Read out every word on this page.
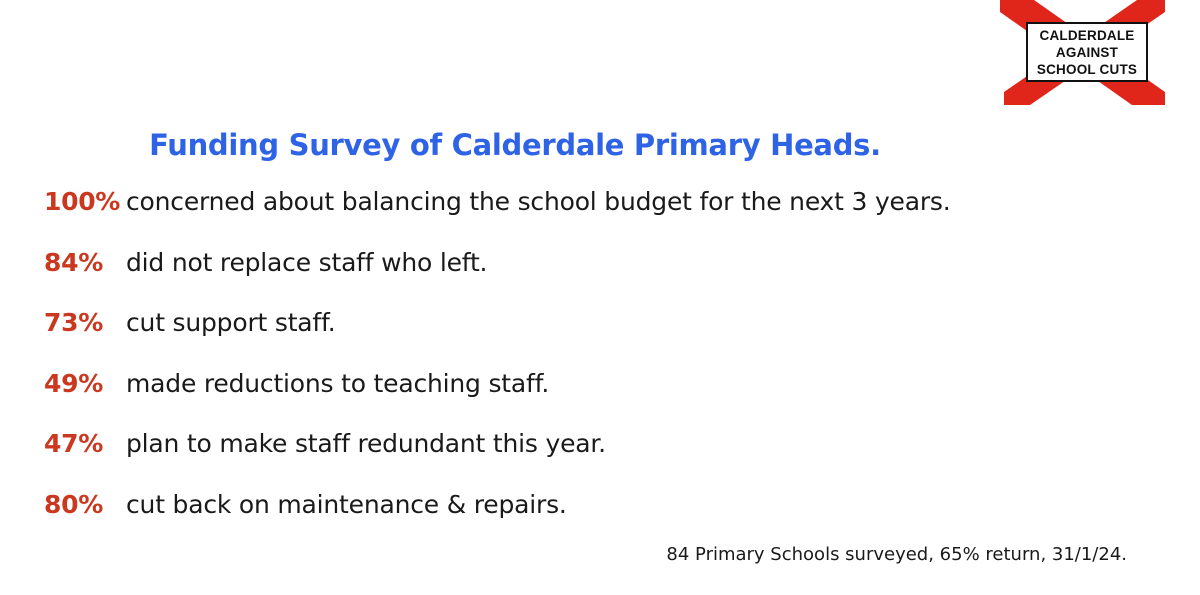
CALDERDALE
AGAINST
SCHOOL CUTS
Funding Survey of Calderdale Primary Heads.
100% concerned about balancing the school budget for the next 3 years.
84% did not replace staff who left.
73% cut support staff.
49% made reductions to teaching staff.
47% plan to make staff redundant this year.
80% cut back on maintenance & repairs.
84 Primary Schools surveyed, 65% return, 31/1/24.
